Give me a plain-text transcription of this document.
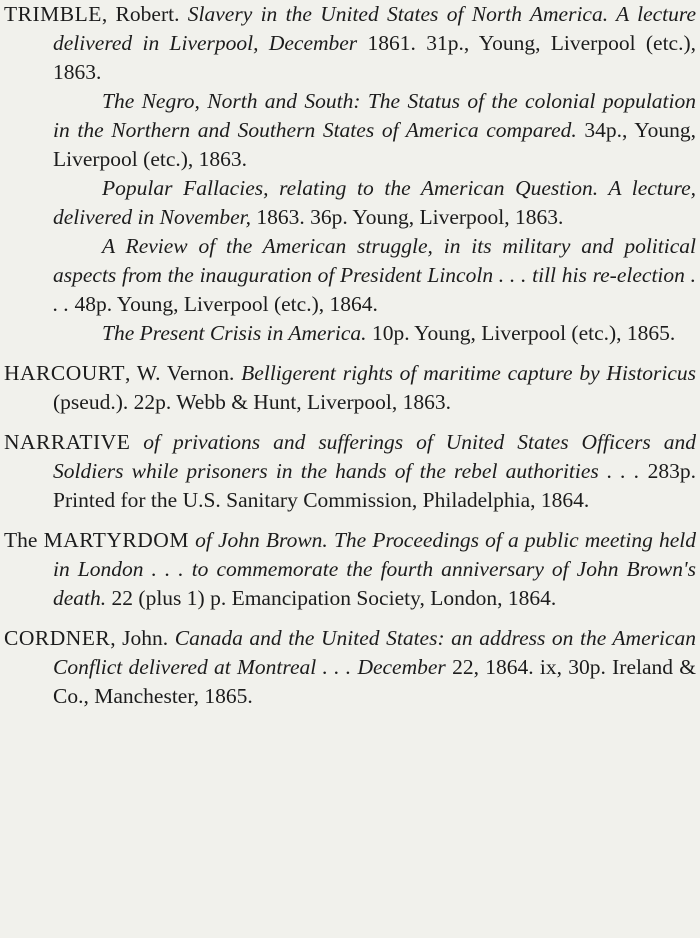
TRIMBLE, Robert. Slavery in the United States of North America. A lecture delivered in Liverpool, December 1861. 31p., Young, Liverpool (etc.), 1863.

The Negro, North and South: The Status of the colonial population in the Northern and Southern States of America compared. 34p., Young, Liverpool (etc.), 1863.

Popular Fallacies, relating to the American Question. A lecture, delivered in November, 1863. 36p. Young, Liverpool, 1863.

A Review of the American struggle, in its military and political aspects from the inauguration of President Lincoln . . . till his re-election . . . 48p. Young, Liverpool (etc.), 1864.

The Present Crisis in America. 10p. Young, Liverpool (etc.), 1865.

HARCOURT, W. Vernon. Belligerent rights of maritime capture by Historicus (pseud.). 22p. Webb & Hunt, Liverpool, 1863.

NARRATIVE of privations and sufferings of United States Officers and Soldiers while prisoners in the hands of the rebel authorities . . . 283p. Printed for the U.S. Sanitary Commission, Philadelphia, 1864.

The MARTYRDOM of John Brown. The Proceedings of a public meeting held in London . . . to commemorate the fourth anniversary of John Brown's death. 22 (plus 1) p. Emancipation Society, London, 1864.

CORDNER, John. Canada and the United States: an address on the American Conflict delivered at Montreal . . . December 22, 1864. ix, 30p. Ireland & Co., Manchester, 1865.
